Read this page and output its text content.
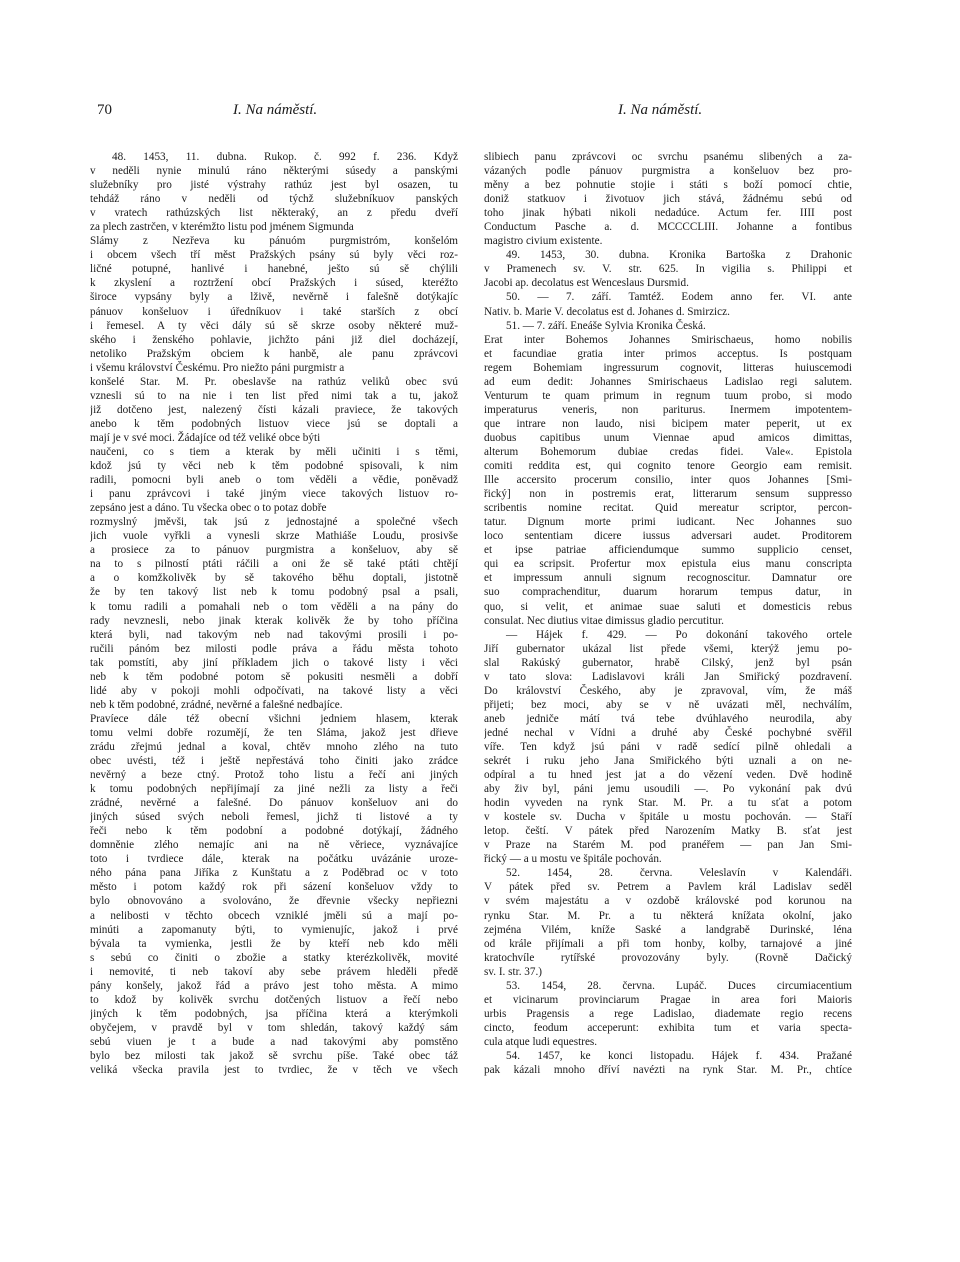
70	I. Na náměstí.	I. Na náměstí.
48. 1453, 11. dubna. Rukop. č. 992 f. 236. Když
v neděli nynie minulú ráno některými súsedy a panskými
služebníky pro jisté výstrahy rathúz jest byl osazen, tu
tehdáž ráno v neděli od týchž služebníkuov panských
v vratech rathúzských list některaký, an z předu dveří
za plech zastrčen, v kterémžto listu pod jménem Sigmunda
Slámy z Nezřeva ku pánuóm purgmistróm, konšelóm
i obcem všech tří měst Pražských psány sú byly věci roz-
ličné potupné, hanlivé i hanebné, ješto sú sě chýlili
k zkyslení a roztržení obcí Pražských i súsed, kteréžto
široce vypsány byly a lživě, nevěrně i falešně dotýkajíc
pánuov konšeluov i úředníkuov i také starších z obcí
i řemesel. A ty věci dály sú sě skrze osoby některé muž-
ského i ženského pohlavie, jichžto páni již diel docházejí,
netoliko Pražským obciem k hanbě, ale panu zprávcovi
i všemu království Českému. Pro niežto páni purgmistr a
konšelé Star. M. Pr. obeslavše na rathúz veliků obec svú
vznesli sú to na nie i ten list před nimi tak a tu, jakož
již dotčeno jest, nalezený čísti kázali praviece, že takových
anebo k těm podobných listuov viece jsú se doptali a
mají je v své moci. Žádajíce od též veliké obce býti
naučeni, co s tiem a kterak by měli učiniti i s těmi,
kdož jsú ty věci neb k těm podobné spisovali, k nim
radili, pomocni byli aneb o tom věděli a vědie, poněvadž
i panu zprávcovi i také jiným viece takových listuov ro-
zepsáno jest a dáno. Tu všecka obec o to potaz dobře
rozmyslný jměvši, tak jsú z jednostajné a společné všech
jich vuole vyřkli a vynesli skrze Mathiáše Loudu, prosivše
a prosiece za to pánuov purgmistra a konšeluov, aby sě
na to s pilností ptáti ráčili a oni že sě také ptáti chtějí
a o komžkolivěk by sě takového běhu doptali, jistotně
že by ten takový list neb k tomu podobný psal a psali,
k tomu radili a pomahali neb o tom věděli a na pány do
rady nevznesli, nebo jinak kterak kolivěk že by toho příčina
která byli, nad takovým neb nad takovými prosili i po-
ručili pánóm bez milosti podle práva a řádu města tohoto
tak pomstíti, aby jiní příkladem jich o takové listy i věci
neb k těm podobné potom sě pokusiti nesměli a dobří
lidé aby v pokoji mohli odpočívati, na takové listy a věci
neb k těm podobné, zrádné, nevěrné a falešné nedbajíce.
Pravíece dále též obecní všichni jedniem hlasem, kterak
tomu velmi dobře rozumějí, že ten Sláma, jakož jest dřieve
zrádu zřejmú jednal a koval, chtěv mnoho zlého na tuto
obec uvésti, též i ještě nepřestává toho činiti jako zrádce
nevěrný a beze ctný. Protož toho listu a řečí ani jiných
k tomu podobných nepřijímají za jiné nežli za listy a řeči
zrádné, nevěrné a falešné. Do pánuov konšeluov ani do
jiných súsed svých neboli řemesl, jichž ti listové a ty
řeči nebo k těm podobní a podobné dotýkají, žádného
domněnie zlého nemajíc ani na ně věriece, vyznávajíce
toto i tvrdiece dále, kterak na počátku uvázánie uroze-
ného pána pana Jiříka z Kunštatu a z Poděbrad oc v toto
město i potom každý rok při sázení konšeluov vždy to
bylo obnovováno a svolováno, že dřevnie všecky nepřiezni
a nelibosti v těchto obcech vzniklé jměli sú a mají po-
minúti a zapomanuty býti, to vymienujíc, jakož i prvé
bývala ta vymienka, jestli že by kteří neb kdo měli
s sebú co činiti o zbožie a statky kterézkolivěk, movité
i nemovité, ti neb takoví aby sebe právem hleděli předě
pány konšely, jakož řád a právo jest toho města. A mimo
to kdož by kolivěk svrchu dotčených listuov a řečí nebo
jiných k těm podobných, jsa příčina která a kterýmkoli
obyčejem, v pravdě byl v tom shledán, takový každý sám
sebú viuen je t a bude a nad takovými aby pomstěno
bylo bez milosti tak jakož sě svrchu píše. Také obec táž
veliká všecka pravila jest to tvrdiec, že v těch ve všech
slibiech panu zprávcovi oc svrchu psanému slibených a za-
vázaných podle pánuov purgmistra a konšeluov bez pro-
měny a bez pohnutie stojie i státi s boží pomocí chtie,
doniž statkuov i životuov jich stává, žádnému sebú od
toho jinak hýbati nikoli nedadúce. Actum fer. IIII post
Conductum Pasche a. d. MCCCCLIII. Johanne a fontibus
magistro civium existente.
49. 1453, 30. dubna. Kronika Bartoška z Drahonic
v Pramenech sv. V. str. 625. In vigilia s. Philippi et
Jacobi ap. decolatus est Wenceslaus Dursmid.
50. — 7. září. Tamtéž. Eodem anno fer. VI. ante
Nativ. b. Marie V. decolatus est d. Johanes d. Smirzicz.
51. — 7. září. Eneáše Sylvia Kronika Česká.
Erat inter Bohemos Johannes Smirischaeus, homo nobilis
et facundiae gratia inter primos acceptus. Is postquam
regem Bohemiam ingressurum cognovit, litteras huiuscemodi
ad eum dedit: Johannes Smirischaeus Ladislao regi salutem.
Venturum te quam primum in regnum tuum probo, si modo
imperaturus veneris, non pariturus. Inermem impotentem-
que intrare non laudo, nisi bicipem mater peperit, ut ex
duobus capitibus unum Viennae apud amicos dimittas,
alterum Bohemorum dubiae credas fidei. Vale«. Epistola
comiti reddita est, qui cognito tenore Georgio eam remisit.
Ille accersito procerum consilio, inter quos Johannes [Smi-
řický] non in postremis erat, litterarum sensum suppresso
scribentis nomine recitat. Quid mereatur scriptor, percon-
tatur. Dignum morte primi iudicant. Nec Johannes suo
loco sententiam dicere iussus adversari audet. Proditorem
et ipse patriae afficiendumque summo supplicio censet,
qui ea scripsit. Profertur mox epistula eius manu conscripta
et impressum annuli signum recognoscitur. Damnatur ore
suo comprachenditur, duarum horarum tempus datur, in
quo, si velit, et animae suae saluti et domesticis rebus
consulat. Nec diutius vitae dimissus gladio percutitur.
— Hájek f. 429. — Po dokonání takového ortele
Jiří gubernator ukázal list přede všemi, kterýž jemu po-
slal Rakúský gubernator, hrabě Cilský, jenž byl psán
v tato slova: Ladislavovi králi Jan Smiřický pozdravení.
Do království Českého, aby je zpravoval, vím, že máš
přijeti; bez moci, aby se v ně uvázati měl, nechválím,
aneb jedniče mátí tvá tebe dvúhlavého neurodila, aby
jedné nechal v Vídni a druhé aby České pochybné svěřil
víře. Ten když jsú páni v radě sedící pilně ohledali a
sekrét i ruku jeho Jana Smiřického býti uznali a on ne-
odpíral a tu hned jest jat a do vězení veden. Dvě hodině
aby živ byl, páni jemu usoudili —. Po vykonání pak dvú
hodin vyveden na rynk Star. M. Pr. a tu sťat a potom
v kostele sv. Ducha v špitále u mostu pochován. — Staří
letop. čeští. V pátek před Narozením Matky B. sťat jest
v Praze na Starém M. pod pranéřem — pan Jan Smi-
řický — a u mostu ve špitále pochován.
52. 1454, 28. června. Veleslavín v Kalendáři.
V pátek před sv. Petrem a Pavlem král Ladislav seděl
v svém majestátu a v ozdobě královské pod korunou na
rynku Star. M. Pr. a tu některá knížata okolní, jako
zejména Vilém, kníže Saské a landgrabě Durinské, léna
od krále přijímali a při tom honby, kolby, tarnajové a jiné
kratochvíle rytířské provozovány byly. (Rovně Dačický
sv. I. str. 37.)
53. 1454, 28. června. Lupáč. Duces circumiacentium
et vicinarum provinciarum Pragae in area fori Maioris
urbis Pragensis a rege Ladislao, diademate regio recens
cincto, feodum acceperunt: exhibita tum et varia specta-
cula atque ludi equestres.
54. 1457, ke konci listopadu. Hájek f. 434. Pražané
pak kázali mnoho dříví navézti na rynk Star. M. Pr., chtíce
